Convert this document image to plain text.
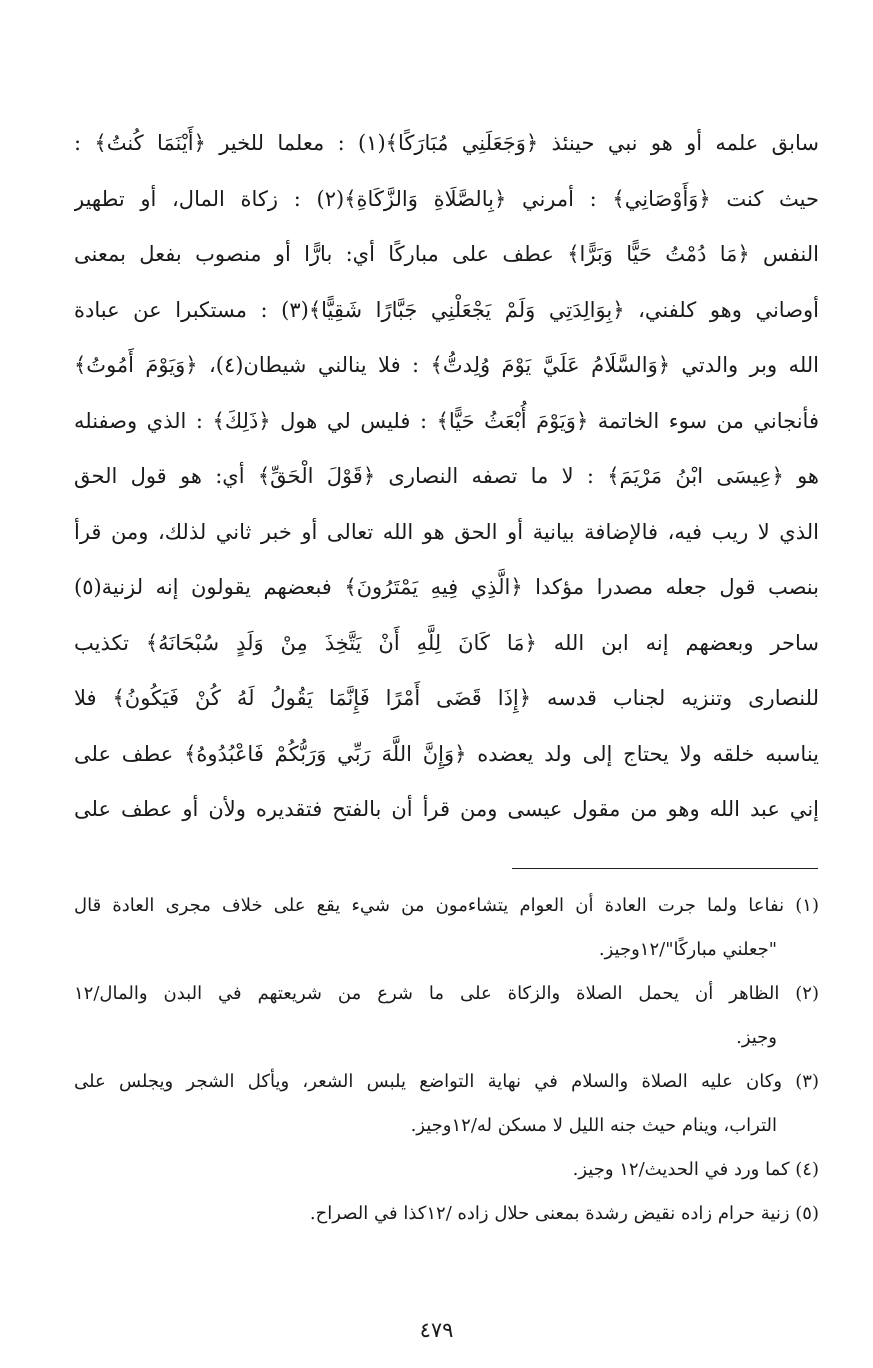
سابق علمه أو هو نبي حينئذ ﴿وَجَعَلَنِي مُبَارَكًا﴾(١) : معلما للخير ﴿أَيْنَمَا كُنتُ﴾ :
حيث كنت ﴿وَأَوْصَانِي﴾ : أمرني ﴿بِالصَّلَاةِ وَالزَّكَاةِ﴾(٢) : زكاة المال، أو تطهير
النفس ﴿مَا دُمْتُ حَيًّا وَبَرًّا﴾ عطف على مباركًا أي: بارًّا أو منصوب بفعل بمعنى
أوصاني وهو كلفني، ﴿بِوَالِدَتِي وَلَمْ يَجْعَلْنِي جَبَّارًا شَقِيًّا﴾(٣) : مستكبرا عن عبادة
الله وبر والدتي ﴿وَالسَّلَامُ عَلَيَّ يَوْمَ وُلِدتُّ﴾ : فلا ينالني شيطان(٤)، ﴿وَيَوْمَ أَمُوتُ﴾
فأنجاني من سوء الخاتمة ﴿وَيَوْمَ أُبْعَثُ حَيًّا﴾ : فليس لي هول ﴿ذَلِكَ﴾ : الذي وصفنله
هو ﴿عِيسَى ابْنُ مَرْيَمَ﴾ : لا ما تصفه النصارى ﴿قَوْلَ الْحَقِّ﴾ أي: هو قول الحق
الذي لا ريب فيه، فالإضافة بيانية أو الحق هو الله تعالى أو خبر ثاني لذلك، ومن قرأ
بنصب قول جعله مصدرا مؤكدا ﴿الَّذِي فِيهِ يَمْتَرُونَ﴾ فبعضهم يقولون إنه لزنية(٥)
ساحر وبعضهم إنه ابن الله ﴿مَا كَانَ لِلَّهِ أَنْ يَتَّخِذَ مِنْ وَلَدٍ سُبْحَانَهُ﴾ تكذيب
للنصارى وتنزيه لجناب قدسه ﴿إِذَا قَضَى أَمْرًا فَإِنَّمَا يَقُولُ لَهُ كُنْ فَيَكُونُ﴾ فلا
يناسبه خلقه ولا يحتاج إلى ولد يعضده ﴿وَإِنَّ اللَّهَ رَبِّي وَرَبُّكُمْ فَاعْبُدُوهُ﴾ عطف على
إني عبد الله وهو من مقول عيسى ومن قرأ أن بالفتح فتقديره ولأن أو عطف على
(١) نفاعا ولما جرت العادة أن العوام يتشاءمون من شيء يقع على خلاف مجرى العادة قال
"جعلني مباركًا"/١٢وجيز.
(٢) الظاهر أن يحمل الصلاة والزكاة على ما شرع من شريعتهم في البدن والمال/١٢
وجيز.
(٣) وكان عليه الصلاة والسلام في نهاية التواضع يلبس الشعر، ويأكل الشجر ويجلس على
التراب، وينام حيث جنه الليل لا مسكن له/١٢وجيز.
(٤) كما ورد في الحديث/١٢ وجيز.
(٥) زنية حرام زاده نقيض رشدة بمعنى حلال زاده /١٢كذا في الصراح.
٤٧٩
